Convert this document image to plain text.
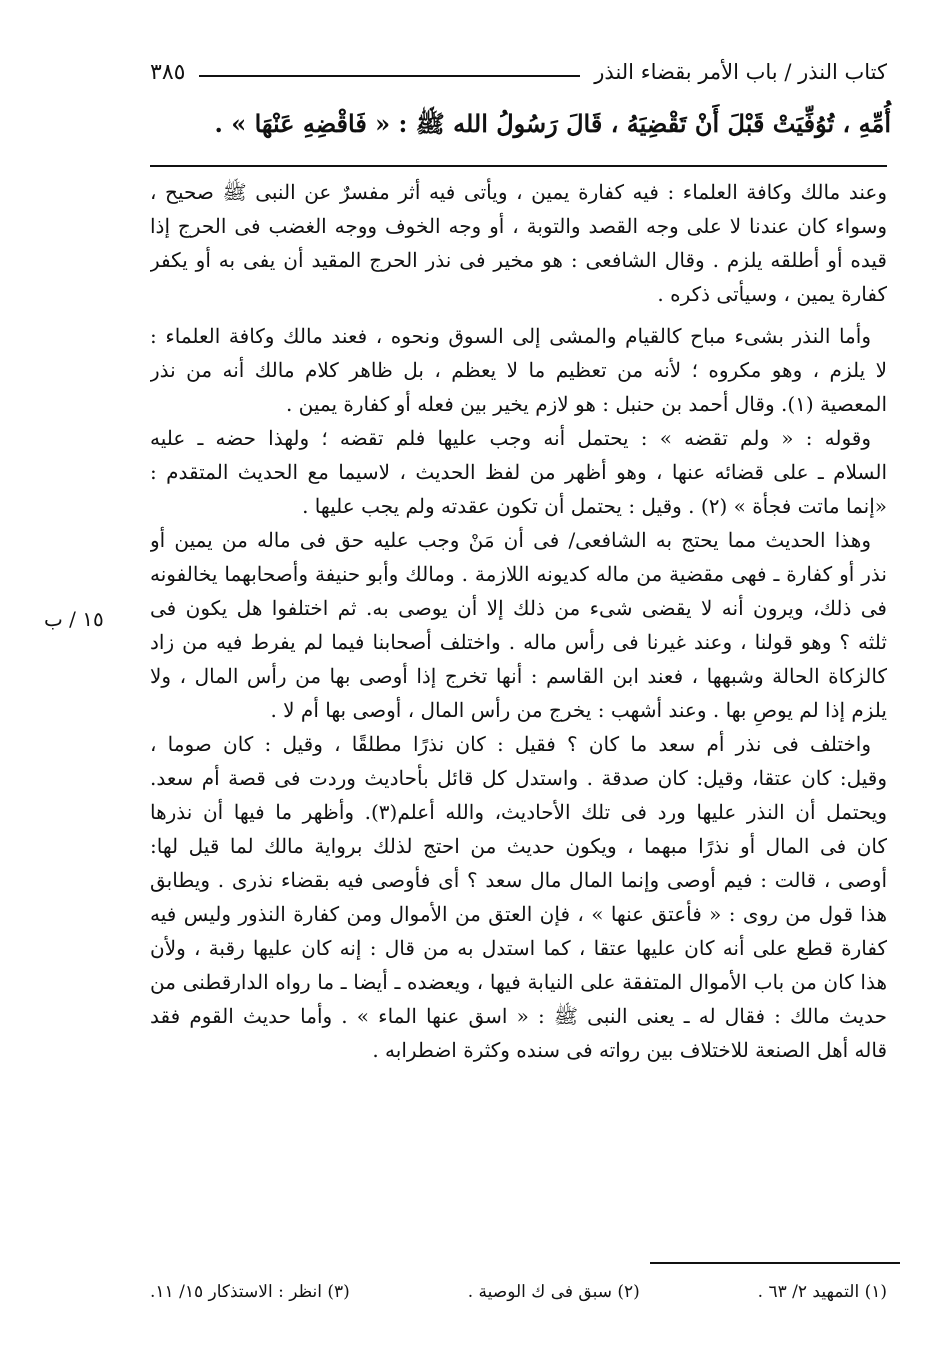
كتاب النذر / باب الأمر بقضاء النذر
٣٨٥
أُمِّهِ ، تُوُفِّيَتْ قَبْلَ أَنْ تَقْضِيَهُ ، قَالَ رَسُولُ الله ﷺ : « فَاقْضِهِ عَنْهَا » .
١٥ / ب
وعند مالك وكافة العلماء : فيه كفارة يمين ، ويأتى فيه أثر مفسرٌ عن النبى ﷺ صحيح ،
وسواء كان عندنا لا على وجه القصد والتوبة ، أو وجه الخوف ووجه الغضب فى الحرج إذا
قيده أو أطلقه يلزم . وقال الشافعى : هو مخير فى نذر الحرج المقيد أن يفى به أو يكفر
كفارة يمين ، وسيأتى ذكره .
وأما النذر بشىء مباح كالقيام والمشى إلى السوق ونحوه ، فعند مالك وكافة العلماء :
لا يلزم ، وهو مكروه ؛ لأنه من تعظيم ما لا يعظم ، بل ظاهر كلام مالك أنه من نذر
المعصية (١). وقال أحمد بن حنبل : هو لازم يخير بين فعله أو كفارة يمين .
وقوله : « ولم تقضه » : يحتمل أنه وجب عليها فلم تقضه ؛ ولهذا حضه ـ عليه
السلام ـ على قضائه عنها ، وهو أظهر من لفظ الحديث ، لاسيما مع الحديث المتقدم :
«إنما ماتت فجأة » (٢) . وقيل : يحتمل أن تكون عقدته ولم يجب عليها .
وهذا الحديث مما يحتج به الشافعى/ فى أن مَنْ وجب عليه حق فى ماله من يمين أو
نذر أو كفارة ـ فهى مقضية من ماله كديونه اللازمة . ومالك وأبو حنيفة وأصحابهما يخالفونه
فى ذلك، ويرون أنه لا يقضى شىء من ذلك إلا أن يوصى به. ثم اختلفوا هل يكون فى
ثلثه ؟ وهو قولنا ، وعند غيرنا فى رأس ماله . واختلف أصحابنا فيما لم يفرط فيه من زاد
كالزكاة الحالة وشبهها ، فعند ابن القاسم : أنها تخرج إذا أوصى بها من رأس المال ، ولا
يلزم إذا لم يوصِ بها . وعند أشهب : يخرج من رأس المال ، أوصى بها أم لا .
واختلف فى نذر أم سعد ما كان ؟ فقيل : كان نذرًا مطلقًا ، وقيل : كان صوما ،
وقيل: كان عتقا، وقيل: كان صدقة . واستدل كل قائل بأحاديث وردت فى قصة أم سعد.
ويحتمل أن النذر عليها ورد فى تلك الأحاديث، والله أعلم(٣). وأظهر ما فيها أن نذرها
كان فى المال أو نذرًا مبهما ، ويكون حديث من احتج لذلك برواية مالك لما قيل لها:
أوصى ، قالت : فيم أوصى وإنما المال مال سعد ؟ أى فأوصى فيه بقضاء نذرى . ويطابق
هذا قول من روى : « فأعتق عنها » ، فإن العتق من الأموال ومن كفارة النذور وليس فيه
كفارة قطع على أنه كان عليها عتقا ، كما استدل به من قال : إنه كان عليها رقبة ، ولأن
هذا كان من باب الأموال المتفقة على النيابة فيها ، ويعضده ـ أيضا ـ ما رواه الدارقطنى من
حديث مالك : فقال له ـ يعنى النبى ﷺ : « اسق عنها الماء » . وأما حديث القوم فقد
قاله أهل الصنعة للاختلاف بين رواته فى سنده وكثرة اضطرابه .
(١) التمهيد ٢/ ٦٣ .
(٢) سبق فى ك الوصية .
(٣) انظر : الاستذكار ١٥/ ١١.
